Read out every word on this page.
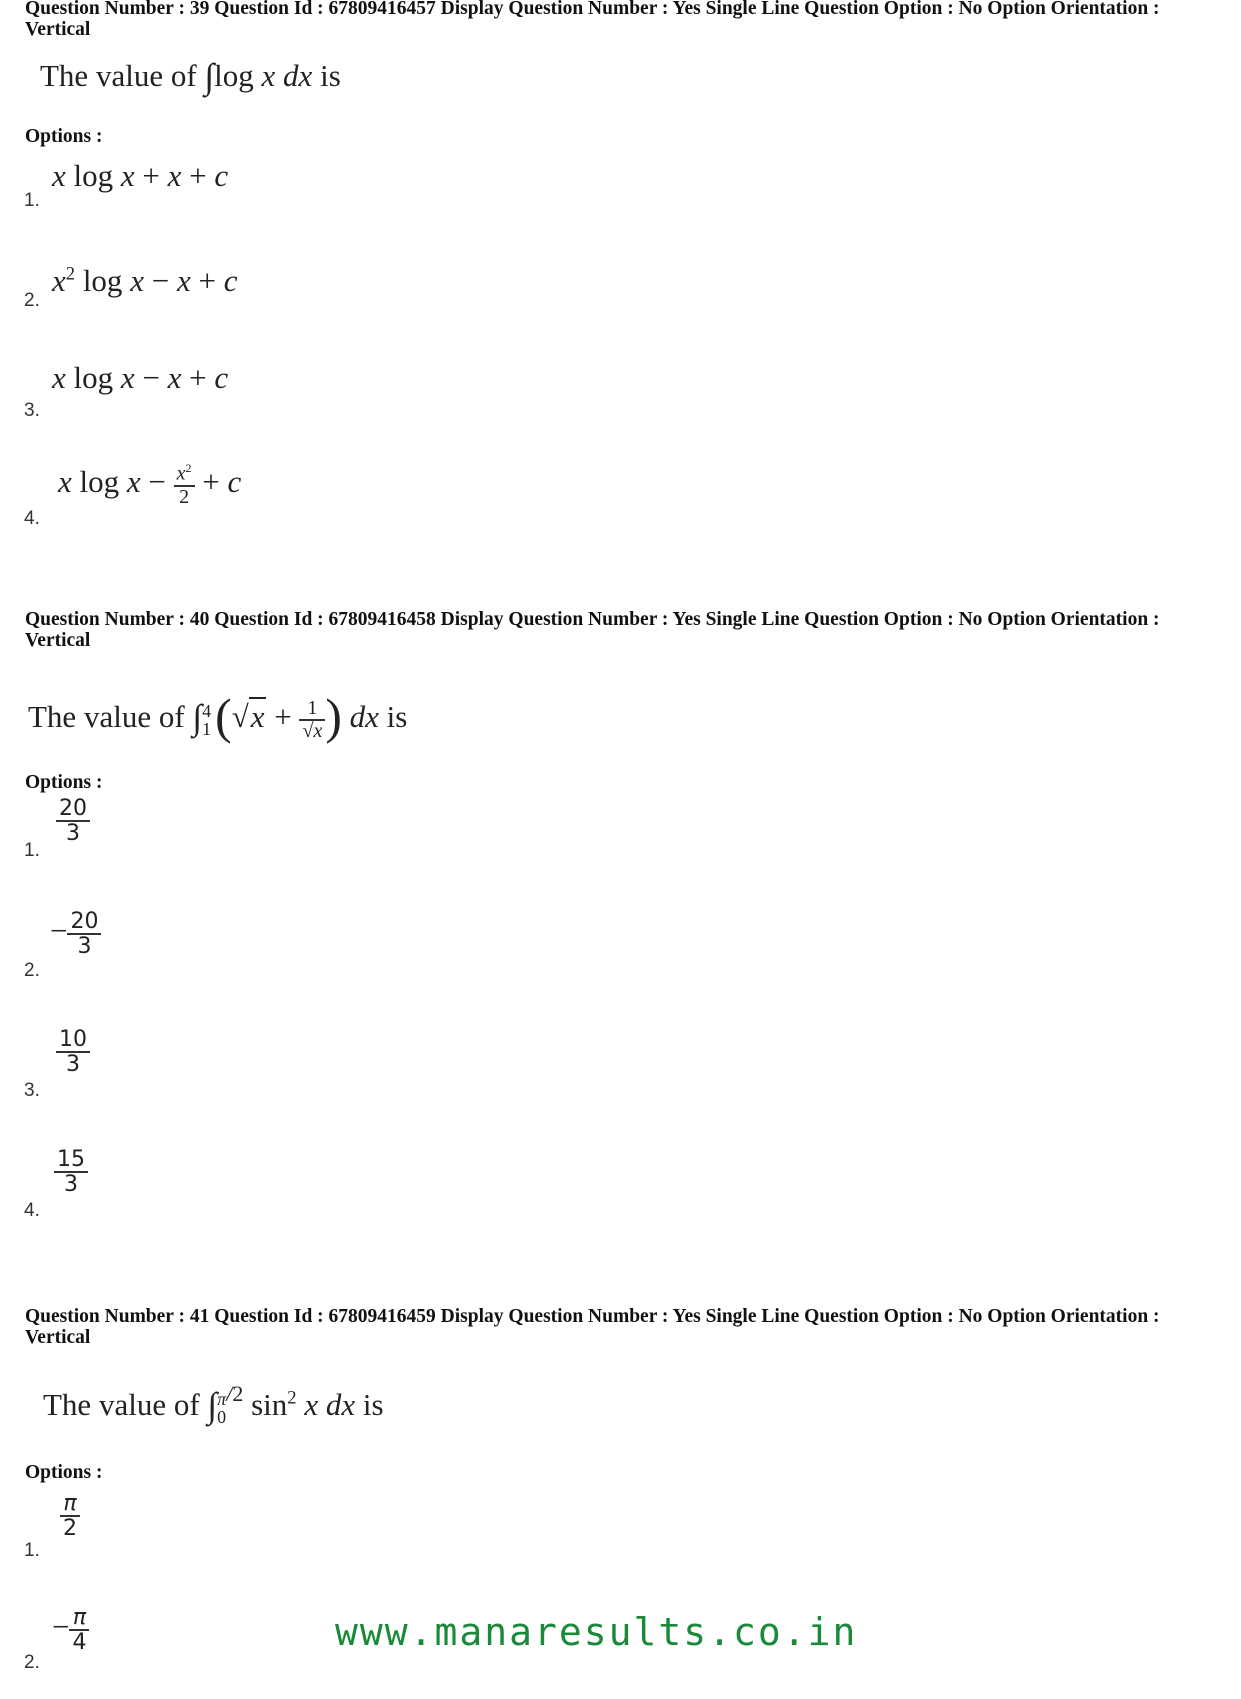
Question Number : 39 Question Id : 67809416457 Display Question Number : Yes Single Line Question Option : No Option Orientation : Vertical
The value of ∫log x dx is
Options :
1.
x log x + x + c
2.
$x^2$ log x − x + c
3.
x log x − x + c
4.
x $\log x - \frac{x^2}{2} + c$
Question Number : 40 Question Id : 67809416458 Display Question Number : Yes Single Line Question Option : No Option Orientation : Vertical
The value of ∫ 4
1 ($√x + \frac{1}{√x}$ ) dx is
Options :
1.
$\frac{20}{3}$
2.
− $\frac{20}{3}$
3.
$\frac{10}{3}$
4.
$\frac{15}{3}$
Question Number : 41 Question Id : 67809416459 Display Question Number : Yes Single Line Question Option : No Option Orientation : Vertical
The value of ∫ π
0
$^{/2}$ $\sin^2 x$ dx is
Options :
1.
$\frac{\pi}{2}$
2.
− $\frac{\pi}{4}$	www.manaresults.co.in
